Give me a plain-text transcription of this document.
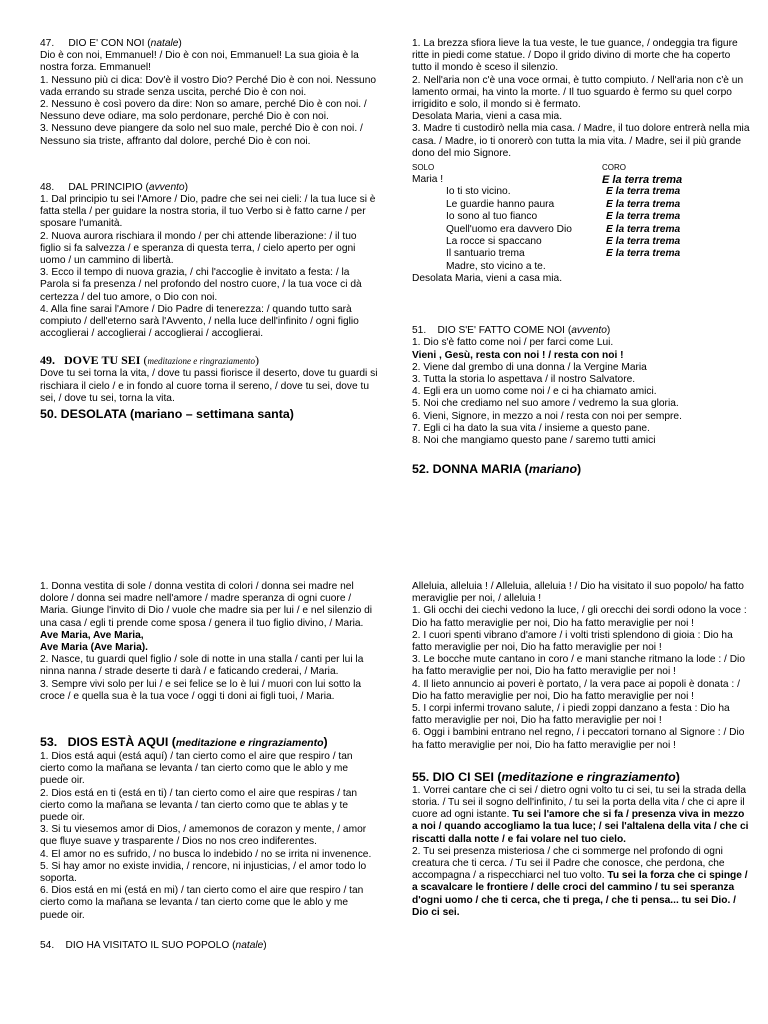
47. DIO E' CON NOI (natale)

Dio è con noi, Emmanuel! / Dio è con noi, Emmanuel! La sua gioia è la nostra forza. Emmanuel!

1. Nessuno più ci dica: Dov'è il vostro Dio? Perché Dio è con noi. Nessuno vada errando su strade senza uscita, perché Dio è con noi.

2. Nessuno è così povero da dire: Non so amare, perché Dio è con noi. / Nessuno deve odiare, ma solo perdonare, perché Dio è con noi.

3. Nessuno deve piangere da solo nel suo male, perché Dio è con noi. / Nessuno sia triste, affranto dal dolore, perché Dio è con noi.

48. DAL PRINCIPIO (avvento)

1. Dal principio tu sei l'Amore / Dio, padre che sei nei cieli: / la tua luce si è fatta stella / per guidare la nostra storia, il tuo Verbo si è fatto carne / per sposare l'umanità.

2. Nuova aurora rischiara il mondo / per chi attende liberazione: / il tuo figlio si fa salvezza / e speranza di questa terra, / cielo aperto per ogni uomo / un cammino di libertà.

3. Ecco il tempo di nuova grazia, / chi l'accoglie è invitato a festa: / la Parola si fa presenza / nel profondo del nostro cuore, / la tua voce ci dà certezza / del tuo amore, o Dio con noi.

4. Alla fine sarai l'Amore / Dio Padre di tenerezza: / quando tutto sarà compiuto / dell'eterno sarà l'Avvento, / nella luce dell'infinito / ogni figlio accoglierai / accoglierai / accoglierai / accoglierai.

49. DOVE TU SEI (meditazione e ringraziamento)

Dove tu sei torna la vita, / dove tu passi fiorisce il deserto, dove tu guardi si rischiara il cielo / e in fondo al cuore torna il sereno, / dove tu sei, dove tu sei, / dove tu sei, torna la vita.

50. DESOLATA (mariano – settimana santa)

1. La brezza sfiora lieve la tua veste, le tue guance, / ondeggia tra figure ritte in piedi come statue. / Dopo il grido divino di morte che ha coperto tutto il mondo è sceso il silenzio.

2. Nell'aria non c'è una voce ormai, è tutto compiuto. / Nell'aria non c'è un lamento ormai, ha vinto la morte. / Il tuo sguardo è fermo su quel corpo irrigidito e solo, il mondo si è fermato.

Desolata Maria, vieni a casa mia.

3. Madre ti custodirò nella mia casa. / Madre, il tuo dolore entrerà nella mia casa. / Madre, io ti onorerò con tutta la mia vita. / Madre, sei il più grande dono del mio Signore.

SOLO	CORO
Maria !	E la terra trema
Io ti sto vicino.	E la terra trema
Le guardie hanno paura	E la terra trema
Io sono al tuo fianco	E la terra trema
Quell'uomo era davvero Dio	E la terra trema
La rocce si spaccano	E la terra trema
Il santuario trema	E la terra trema

Madre, sto vicino a te.

Desolata Maria, vieni a casa mia.

51. DIO S'E' FATTO COME NOI (avvento)

1. Dio s'è fatto come noi / per farci come Lui.

Vieni , Gesù, resta con noi ! / resta con noi !

2. Viene dal grembo di una donna / la Vergine Maria

3. Tutta la storia lo aspettava / il nostro Salvatore.

4. Egli era un uomo come noi / e ci ha chiamato amici.

5. Noi che crediamo nel suo amore / vedremo la sua gloria.

6. Vieni, Signore, in mezzo a noi / resta con noi per sempre.

7. Egli ci ha dato la sua vita / insieme a questo pane.

8. Noi che mangiamo questo pane / saremo tutti amici

52. DONNA MARIA (mariano)

1. Donna vestita di sole / donna vestita di colori / donna sei madre nel dolore / donna sei madre nell'amore / madre speranza di ogni cuore / Maria. Giunge l'invito di Dio / vuole che madre sia per lui / e nel silenzio di una casa / egli ti prende come sposa / genera il tuo figlio divino, / Maria.

Ave Maria, Ave Maria,

Ave Maria (Ave Maria).

2. Nasce, tu guardi quel figlio / sole di notte in una stalla / canti per lui la ninna nanna / strade deserte ti darà / e faticando crederai, / Maria.

3. Sempre vivi solo per lui / e sei felice se lo è lui / muori con lui sotto la croce / e quella sua è la tua voce / oggi ti doni ai figli tuoi, / Maria.

53. DIOS ESTÀ AQUI (meditazione e ringraziamento)

1. Dios está aqui (está aquí) / tan cierto como el aire que respiro / tan cierto como la mañana se levanta / tan cierto como que le ablo y me puede oir.

2. Dios está en ti (está en ti) / tan cierto como el aire que respiras / tan cierto como la mañana se levanta / tan cierto como que te ablas y te puede oir.

3. Si tu viesemos amor di Dios, / amemonos de corazon y mente, / amor que fluye suave y trasparente / Dios no nos creo indiferentes.

4. El amor no es sufrido, / no busca lo indebido / no se irrita ni invenence.

5. Si hay amor no existe invidia, / rencore, ni injusticias, / el amor todo lo soporta.

6. Dios está en mi (está en mi) / tan cierto como el aire que respiro / tan cierto como la mañana se levanta / tan cierto come que le ablo y me puede oir.

54. DIO HA VISITATO IL SUO POPOLO (natale)

Alleluia, alleluia ! / Alleluia, alleluia ! / Dio ha visitato il suo popolo/ ha fatto meraviglie per noi, / alleluia !

1. Gli occhi dei ciechi vedono la luce, / gli orecchi dei sordi odono la voce : Dio ha fatto meraviglie per noi, Dio ha fatto meraviglie per noi !

2. I cuori spenti vibrano d'amore / i volti tristi splendono di gioia : Dio ha fatto meraviglie per noi, Dio ha fatto meraviglie per noi !

3. Le bocche mute cantano in coro / e mani stanche ritmano la lode : / Dio ha fatto meraviglie per noi, Dio ha fatto meraviglie per noi !

4. Il lieto annuncio ai poveri è portato, / la vera pace ai popoli è donata : / Dio ha fatto meraviglie per noi, Dio ha fatto meraviglie per noi !

5. I corpi infermi trovano salute, / i piedi zoppi danzano a festa : Dio ha fatto meraviglie per noi, Dio ha fatto meraviglie per noi !

6. Oggi i bambini entrano nel regno, / i peccatori tornano al Signore : / Dio ha fatto meraviglie per noi, Dio ha fatto meraviglie per noi !

55. DIO CI SEI (meditazione e ringraziamento)

1. Vorrei cantare che ci sei / dietro ogni volto tu ci sei, tu sei la strada della storia. / Tu sei il sogno dell'infinito, / tu sei la porta della vita / che ci apre il cuore ad ogni istante. Tu sei l'amore che si fa / presenza viva in mezzo a noi / quando accogliamo la tua luce; / sei l'altalena della vita / che ci riscatti dalla notte / e fai volare nel tuo cielo.

2. Tu sei presenza misteriosa / che ci sommerge nel profondo di ogni creatura che ti cerca. / Tu sei il Padre che conosce, che perdona, che accompagna / a rispecchiarci nel tuo volto. Tu sei la forza che ci spinge / a scavalcare le frontiere / delle croci del cammino / tu sei speranza d'ogni uomo / che ti cerca, che ti prega, / che ti pensa... tu sei Dio. / Dio ci sei.
